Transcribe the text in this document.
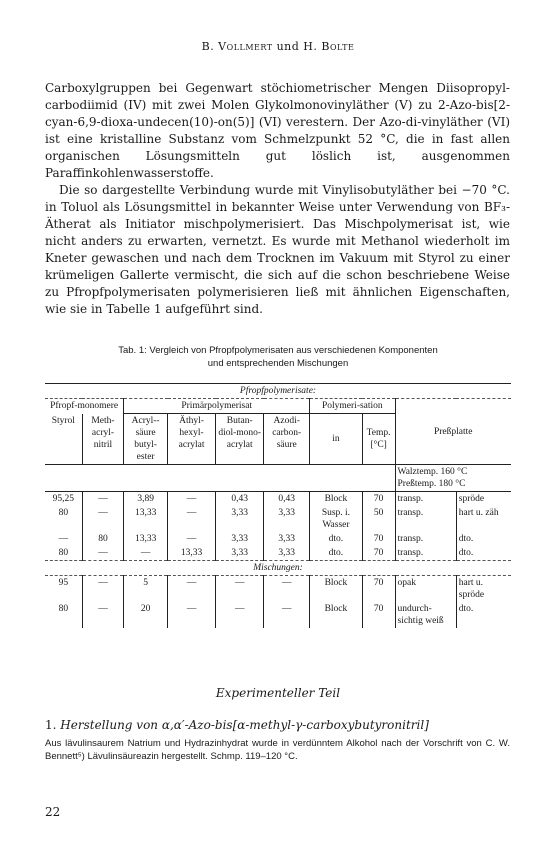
B. Vollmert und H. Bolte

Carboxylgruppen bei Gegenwart stöchiometrischer Mengen Diisopropyl-carbodiimid (IV) mit zwei Molen Glykolmonovinyläther (V) zu 2-Azo-bis[2-cyan-6,9-dioxa-undecen(10)-on(5)] (VI) verestern. Der Azo-di-vinyläther (VI) ist eine kristalline Substanz vom Schmelzpunkt 52 °C, die in fast allen organischen Lösungsmitteln gut löslich ist, ausgenommen Paraffinkohlenwasserstoffe.

Die so dargestellte Verbindung wurde mit Vinylisobutyläther bei −70 °C. in Toluol als Lösungsmittel in bekannter Weise unter Verwendung von BF₃-Ätherat als Initiator mischpolymerisiert. Das Mischpolymerisat ist, wie nicht anders zu erwarten, vernetzt. Es wurde mit Methanol wiederholt im Kneter gewaschen und nach dem Trocknen im Vakuum mit Styrol zu einer krümeligen Gallerte vermischt, die sich auf die schon beschriebene Weise zu Pfropfpolymerisaten polymerisieren ließ mit ähnlichen Eigenschaften, wie sie in Tabelle 1 aufgeführt sind.

Tab. 1: Vergleich von Pfropfpolymerisaten aus verschiedenen Komponenten
und entsprechenden Mischungen
Pfropfpolymerisate:									
Pfropf-monomere		Primärpolymerisat				Polymeri-sation		Preßplatte	
Styrol	Meth-acryl-nitril	Acryl--säure butyl-ester	Äthyl-hexyl-acrylat	Butan-diol-mono-acrylat	Azodi-carbon-säure	in	Temp. [°C]		

								Walztemp. 160 °C
Preßtemp. 180 °C	

95,25	—	3,89	—	0,43	0,43	Block	70	transp.	spröde
80	—	13,33	—	3,33	3,33	Susp. i. Wasser	50	transp.	hart u. zäh
—	80	13,33	—	3,33	3,33	dto.	70	transp.	dto.
80	—	—	13,33	3,33	3,33	dto.	70	transp.	dto.
Mischungen:									
95	—	5	—	—	—	Block	70	opak	hart u. spröde
80	—	20	—	—	—	Block	70	undurch-sichtig weiß	dto.
Experimenteller Teil
1. Herstellung von α,α′-Azo-bis[α-methyl-γ-carboxybutyronitril]
Aus lävulinsaurem Natrium und Hydrazinhydrat wurde in verdünntem Alkohol nach der Vorschrift von C. W. Bennett⁵) Lävulinsäureazin hergestellt. Schmp. 119–120 °C.
22
